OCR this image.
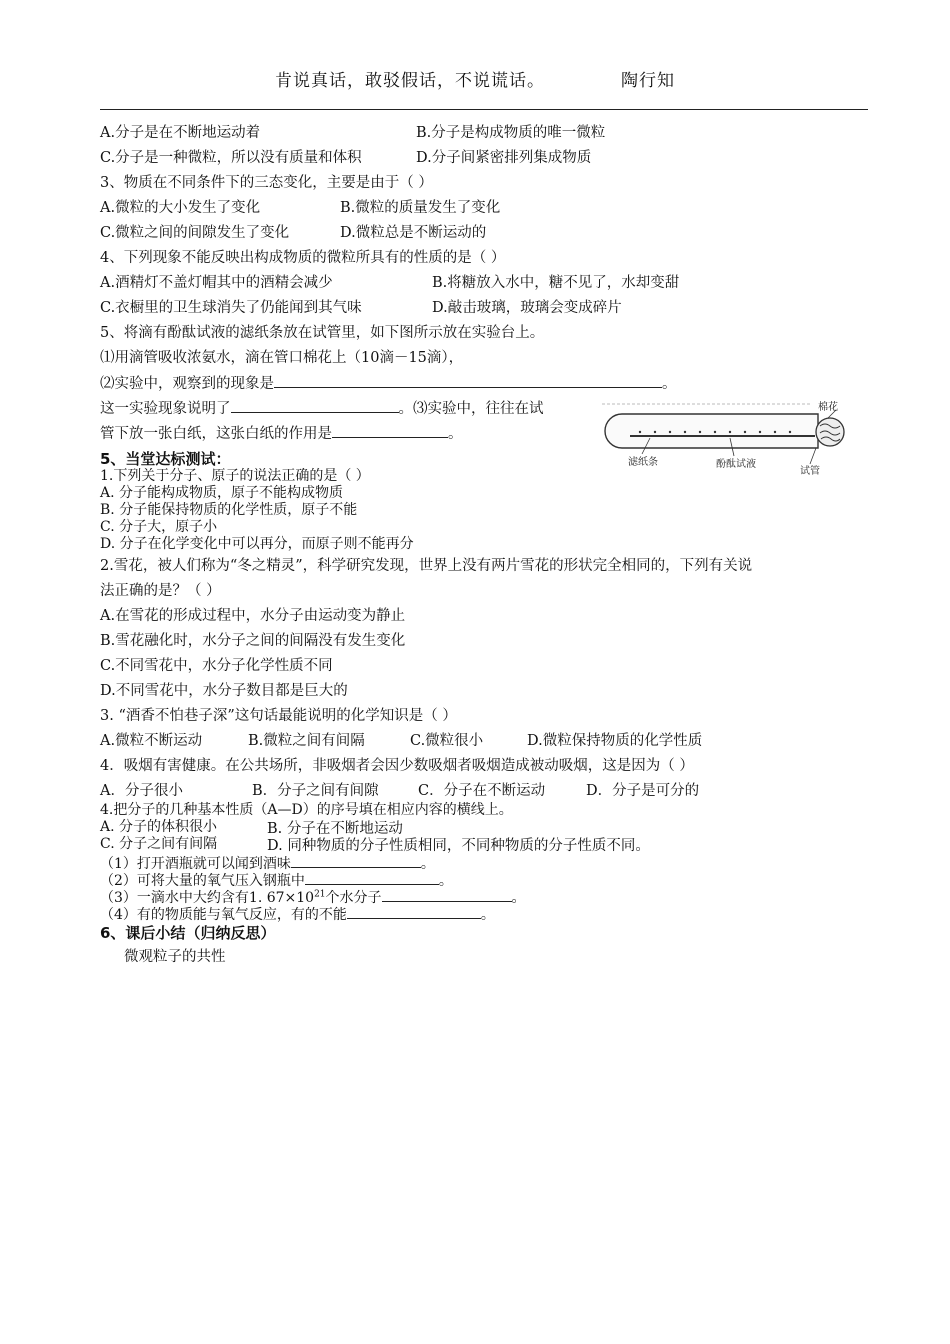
肯说真话，敢驳假话，不说谎话。	陶行知
A.分子是在不断地运动着	B.分子是构成物质的唯一微粒
C.分子是一种微粒，所以没有质量和体积	D.分子间紧密排列集成物质
3、物质在不同条件下的三态变化，主要是由于（ ）
A.微粒的大小发生了变化	B.微粒的质量发生了变化
C.微粒之间的间隙发生了变化	D.微粒总是不断运动的
4、下列现象不能反映出构成物质的微粒所具有的性质的是（ ）
A.酒精灯不盖灯帽其中的酒精会减少	B.将糖放入水中，糖不见了，水却变甜
C.衣橱里的卫生球消失了仍能闻到其气味	D.敲击玻璃，玻璃会变成碎片
5、将滴有酚酞试液的滤纸条放在试管里，如下图所示放在实验台上。
⑴用滴管吸收浓氨水，滴在管口棉花上（10滴－15滴），
⑵实验中，观察到的现象是	。
这一实验现象说明了	。⑶实验中，往往在试
管下放一张白纸，这张白纸的作用是	。
棉花
滤纸条	酚酞试液
试管
5、当堂达标测试：
1.下列关于分子、原子的说法正确的是（ ）
A. 分子能构成物质，原子不能构成物质
B. 分子能保持物质的化学性质，原子不能
C. 分子大，原子小
D. 分子在化学变化中可以再分，而原子则不能再分
2.雪花，被人们称为“冬之精灵”，科学研究发现，世界上没有两片雪花的形状完全相同的，下列有关说
法正确的是？（ ）
A.在雪花的形成过程中，水分子由运动变为静止
B.雪花融化时，水分子之间的间隔没有发生变化
C.不同雪花中，水分子化学性质不同
D.不同雪花中，水分子数目都是巨大的
3. “酒香不怕巷子深”这句话最能说明的化学知识是（ ）
A.微粒不断运动	B.微粒之间有间隔	C.微粒很小	D.微粒保持物质的化学性质
4．吸烟有害健康。在公共场所，非吸烟者会因少数吸烟者吸烟造成被动吸烟，这是因为（ ）
A．分子很小	B．分子之间有间隙	C．分子在不断运动	D．分子是可分的
4.把分子的几种基本性质（A—D）的序号填在相应内容的横线上。
A. 分子的体积很小	B. 分子在不断地运动
C. 分子之间有间隔	D. 同种物质的分子性质相同，不同种物质的分子性质不同。
（1）打开酒瓶就可以闻到酒味	。
（2）可将大量的氧气压入钢瓶中	。
（3）一滴水中大约含有1. $67\times 10^{21}$个水分子	。
（4）有的物质能与氧气反应，有的不能	。
6、课后小结（归纳反思）
微观粒子的共性
